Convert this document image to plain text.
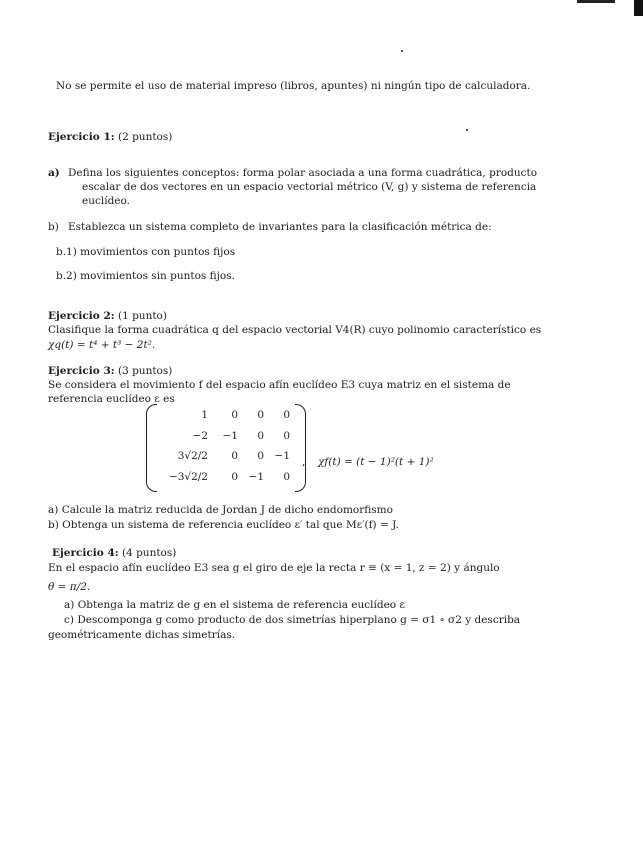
No se permite el uso de material impreso (libros, apuntes) ni ningún tipo de calculadora.
Ejercicio 1: (2 puntos)
a) Defina los siguientes conceptos: forma polar asociada a una forma cuadrática, producto
escalar de dos vectores en un espacio vectorial métrico (V, g) y sistema de referencia
euclídeo.
b) Establezca un sistema completo de invariantes para la clasificación métrica de:
b.1) movimientos con puntos fijos
b.2) movimientos sin puntos fijos.
Ejercicio 2: (1 punto)
Clasifique la forma cuadrática q del espacio vectorial V4(R) cuyo polinomio característico es
χq(t) = t⁴ + t³ − 2t².
Ejercicio 3: (3 puntos)
Se considera el movimiento f del espacio afín euclídeo E3 cuya matriz en el sistema de
referencia euclídeo ε es
1	0	0	0
−2	−1	0	0
3√2/2	0	0	−1
−3√2/2	0	−1	0
, χf(t) = (t − 1)²(t + 1)²
a) Calcule la matriz reducida de Jordan J de dicho endomorfismo
b) Obtenga un sistema de referencia euclídeo ε′ tal que Mε′(f) = J.
Ejercicio 4: (4 puntos)
En el espacio afín euclídeo E3 sea g el giro de eje la recta r ≡ (x = 1, z = 2) y ángulo
θ = π/2.
a) Obtenga la matriz de g en el sistema de referencia euclídeo ε
c) Descomponga g como producto de dos simetrías hiperplano g = σ1 ∘ σ2 y describa
geométricamente dichas simetrías.
